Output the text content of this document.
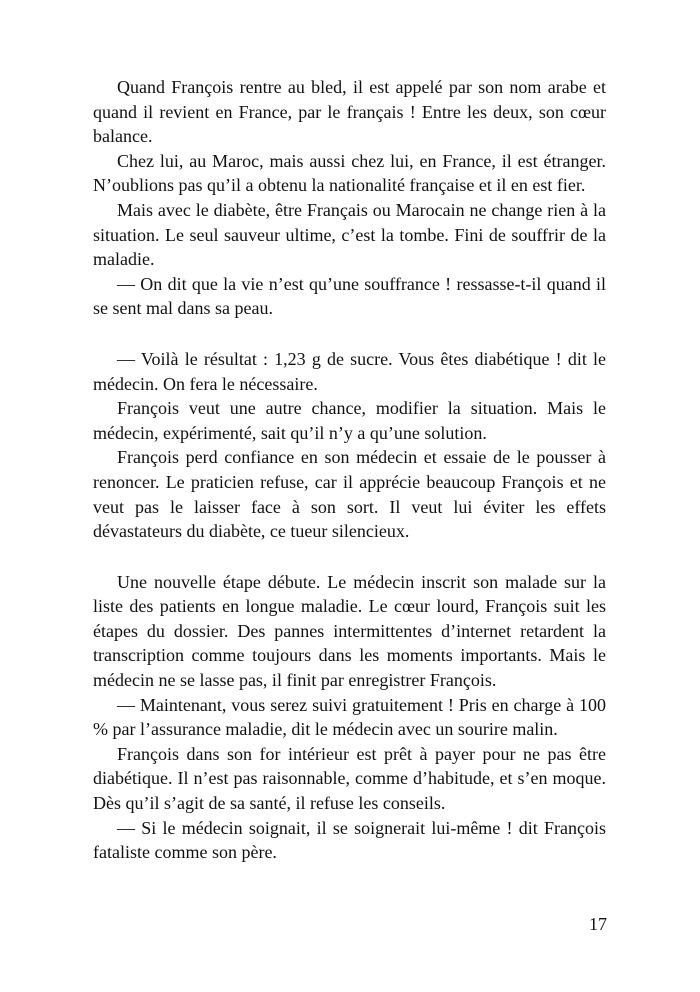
Quand François rentre au bled, il est appelé par son nom arabe et quand il revient en France, par le français ! Entre les deux, son cœur balance.

Chez lui, au Maroc, mais aussi chez lui, en France, il est étranger. N’oublions pas qu’il a obtenu la nationalité française et il en est fier.

Mais avec le diabète, être Français ou Marocain ne change rien à la situation. Le seul sauveur ultime, c’est la tombe. Fini de souffrir de la maladie.

— On dit que la vie n’est qu’une souffrance ! ressasse-t-il quand il se sent mal dans sa peau.

— Voilà le résultat : 1,23 g de sucre. Vous êtes diabétique ! dit le médecin. On fera le nécessaire.

François veut une autre chance, modifier la situation. Mais le médecin, expérimenté, sait qu’il n’y a qu’une solution.

François perd confiance en son médecin et essaie de le pousser à renoncer. Le praticien refuse, car il apprécie beaucoup François et ne veut pas le laisser face à son sort. Il veut lui éviter les effets dévastateurs du diabète, ce tueur silencieux.

Une nouvelle étape débute. Le médecin inscrit son malade sur la liste des patients en longue maladie. Le cœur lourd, François suit les étapes du dossier. Des pannes intermittentes d’internet retardent la transcription comme toujours dans les moments importants. Mais le médecin ne se lasse pas, il finit par enregistrer François.

— Maintenant, vous serez suivi gratuitement ! Pris en charge à 100 % par l’assurance maladie, dit le médecin avec un sourire malin.

François dans son for intérieur est prêt à payer pour ne pas être diabétique. Il n’est pas raisonnable, comme d’habitude, et s’en moque. Dès qu’il s’agit de sa santé, il refuse les conseils.

— Si le médecin soignait, il se soignerait lui-même ! dit François fataliste comme son père.

17
